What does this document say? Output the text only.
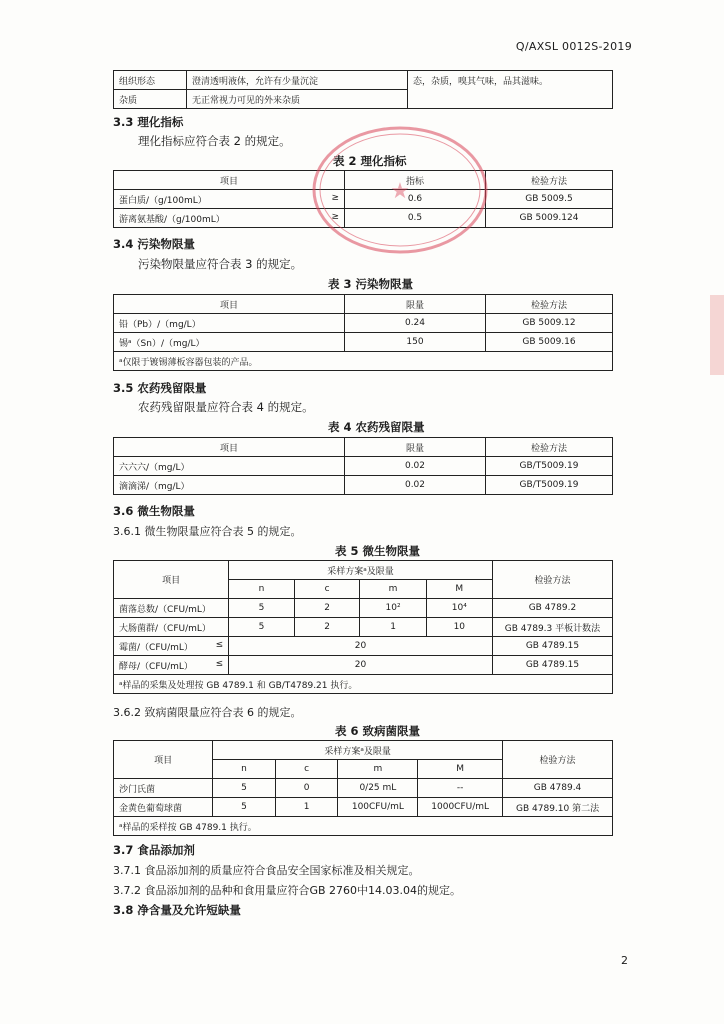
Q/AXSL 0012S-2019
组织形态	澄清透明液体，允许有少量沉淀	态，杂质，嗅其气味，品其滋味。
杂质	无正常视力可见的外来杂质	
3.3 理化指标
理化指标应符合表 2 的规定。
表 2 理化指标
项目	指标	检验方法
蛋白质/（g/100mL） ≥	0.6	GB 5009.5
游离氨基酸/（g/100mL） ≥	0.5	GB 5009.124
3.4 污染物限量
污染物限量应符合表 3 的规定。
表 3 污染物限量
项目	限量	检验方法
铅（Pb）/（mg/L）	0.24	GB 5009.12
锡ᵃ（Sn）/（mg/L）	150	GB 5009.16
ᵃ仅限于镀锡薄板容器包装的产品。		
3.5 农药残留限量
农药残留限量应符合表 4 的规定。
表 4 农药残留限量
项目	限量	检验方法
六六六/（mg/L）	0.02	GB/T5009.19
滴滴涕/（mg/L）	0.02	GB/T5009.19
3.6 微生物限量
3.6.1 微生物限量应符合表 5 的规定。
表 5 微生物限量
项目	采样方案ᵃ及限量				检验方法
	n	c	m	M	
菌落总数/（CFU/mL）	5	2	10²	10⁴	GB 4789.2
大肠菌群/（CFU/mL）	5	2	1	10	GB 4789.3 平板计数法
霉菌/（CFU/mL） ≤	20				GB 4789.15
酵母/（CFU/mL） ≤	20				GB 4789.15
ᵃ样品的采集及处理按 GB 4789.1 和 GB/T4789.21 执行。					
3.6.2 致病菌限量应符合表 6 的规定。
表 6 致病菌限量
项目	采样方案ᵃ及限量				检验方法
	n	c	m	M	
沙门氏菌	5	0	0/25 mL	--	GB 4789.4
金黄色葡萄球菌	5	1	100CFU/mL	1000CFU/mL	GB 4789.10 第二法
ᵃ样品的采样按 GB 4789.1 执行。					
3.7 食品添加剂
3.7.1 食品添加剂的质量应符合食品安全国家标准及相关规定。
3.7.2 食品添加剂的品种和食用量应符合GB 2760中14.03.04的规定。
3.8 净含量及允许短缺量
★
2
